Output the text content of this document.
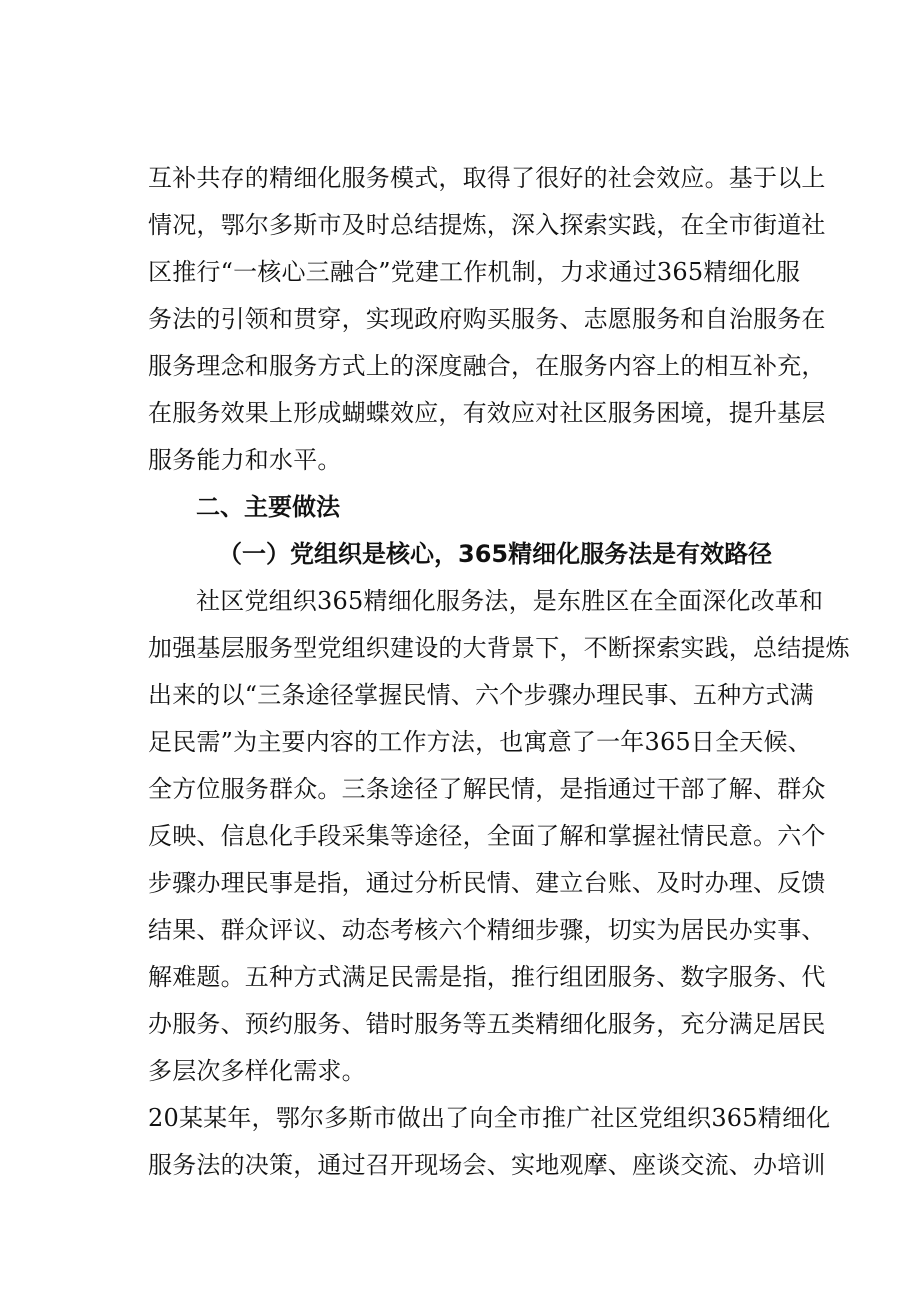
互补共存的精细化服务模式，取得了很好的社会效应。基于以上
情况，鄂尔多斯市及时总结提炼，深入探索实践，在全市街道社
区推行“一核心三融合”党建工作机制，力求通过365精细化服
务法的引领和贯穿，实现政府购买服务、志愿服务和自治服务在
服务理念和服务方式上的深度融合，在服务内容上的相互补充，
在服务效果上形成蝴蝶效应，有效应对社区服务困境，提升基层
服务能力和水平。
二、主要做法
（一）党组织是核心，365精细化服务法是有效路径
社区党组织365精细化服务法，是东胜区在全面深化改革和
加强基层服务型党组织建设的大背景下，不断探索实践，总结提炼
出来的以“三条途径掌握民情、六个步骤办理民事、五种方式满
足民需”为主要内容的工作方法，也寓意了一年365日全天候、
全方位服务群众。三条途径了解民情，是指通过干部了解、群众
反映、信息化手段采集等途径，全面了解和掌握社情民意。六个
步骤办理民事是指，通过分析民情、建立台账、及时办理、反馈
结果、群众评议、动态考核六个精细步骤，切实为居民办实事、
解难题。五种方式满足民需是指，推行组团服务、数字服务、代
办服务、预约服务、错时服务等五类精细化服务，充分满足居民
多层次多样化需求。
20某某年，鄂尔多斯市做出了向全市推广社区党组织365精细化
服务法的决策，通过召开现场会、实地观摩、座谈交流、办培训
